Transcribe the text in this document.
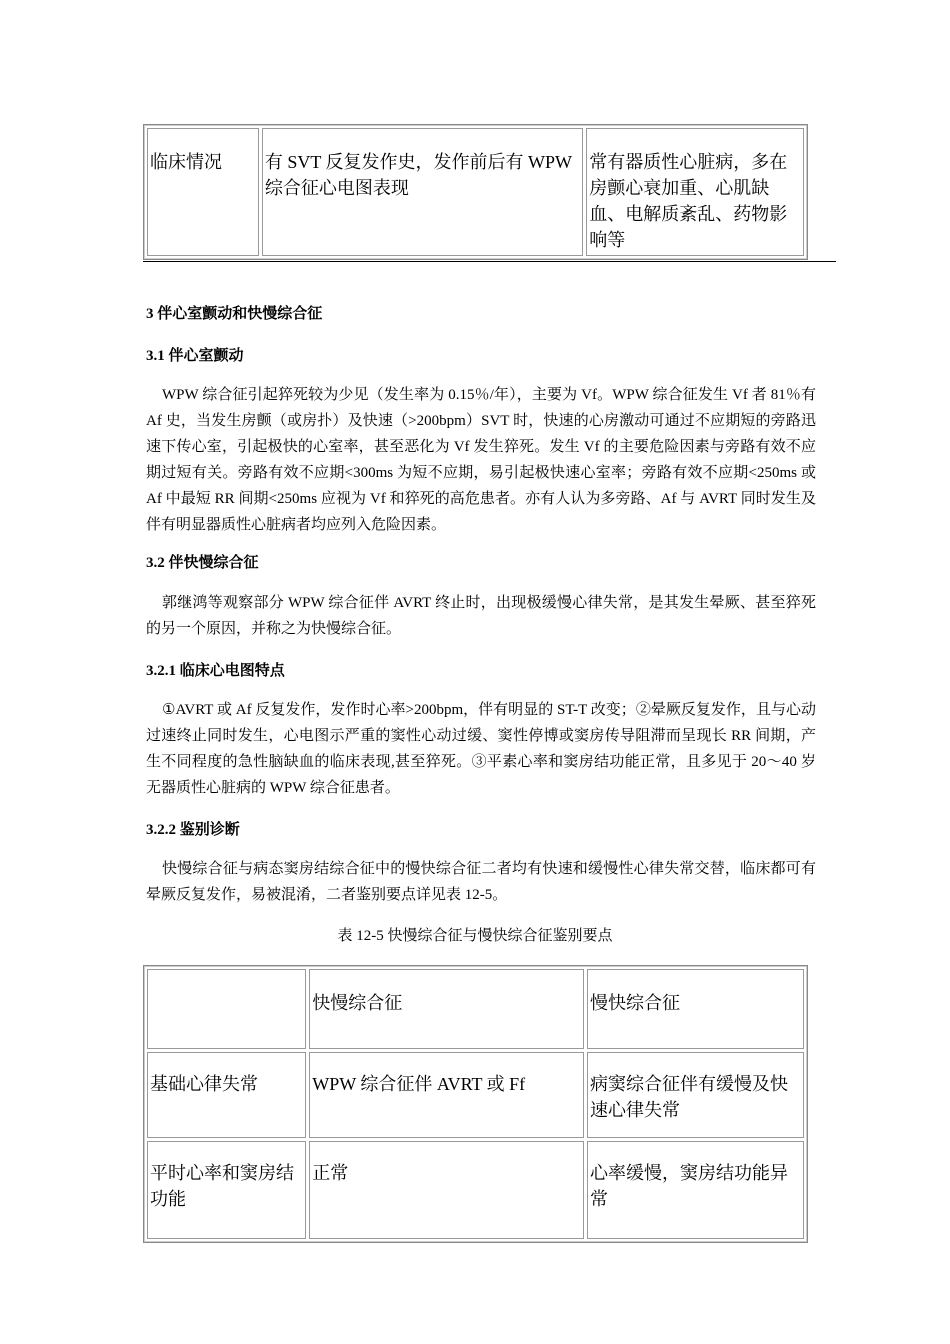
临床情况	有 SVT 反复发作史，发作前后有 WPW 综合征心电图表现	常有器质性心脏病，多在房颤心衰加重、心肌缺血、电解质紊乱、药物影响等
3 伴心室颤动和快慢综合征
3.1 伴心室颤动
WPW 综合征引起猝死较为少见（发生率为 0.15％/年），主要为 Vf。WPW 综合征发生 Vf 者 81％有 Af 史，当发生房颤（或房扑）及快速（>200bpm）SVT 时，快速的心房激动可通过不应期短的旁路迅速下传心室，引起极快的心室率，甚至恶化为 Vf 发生猝死。发生 Vf 的主要危险因素与旁路有效不应期过短有关。旁路有效不应期<300ms 为短不应期，易引起极快速心室率；旁路有效不应期<250ms 或 Af 中最短 RR 间期<250ms 应视为 Vf 和猝死的高危患者。亦有人认为多旁路、Af 与 AVRT 同时发生及伴有明显器质性心脏病者均应列入危险因素。
3.2 伴快慢综合征
郭继鸿等观察部分 WPW 综合征伴 AVRT 终止时，出现极缓慢心律失常，是其发生晕厥、甚至猝死的另一个原因，并称之为快慢综合征。
3.2.1 临床心电图特点
①AVRT 或 Af 反复发作，发作时心率>200bpm，伴有明显的 ST-T 改变；②晕厥反复发作，且与心动过速终止同时发生，心电图示严重的窦性心动过缓、窦性停博或窦房传导阻滞而呈现长 RR 间期，产生不同程度的急性脑缺血的临床表现,甚至猝死。③平素心率和窦房结功能正常，且多见于 20～40 岁无器质性心脏病的 WPW 综合征患者。
3.2.2 鉴别诊断
快慢综合征与病态窦房结综合征中的慢快综合征二者均有快速和缓慢性心律失常交替，临床都可有晕厥反复发作，易被混淆，二者鉴别要点详见表 12-5。
表 12-5 快慢综合征与慢快综合征鉴别要点
	快慢综合征	慢快综合征
基础心律失常	WPW 综合征伴 AVRT 或 Ff	病窦综合征伴有缓慢及快速心律失常
平时心率和窦房结功能	正常	心率缓慢，窦房结功能异常
